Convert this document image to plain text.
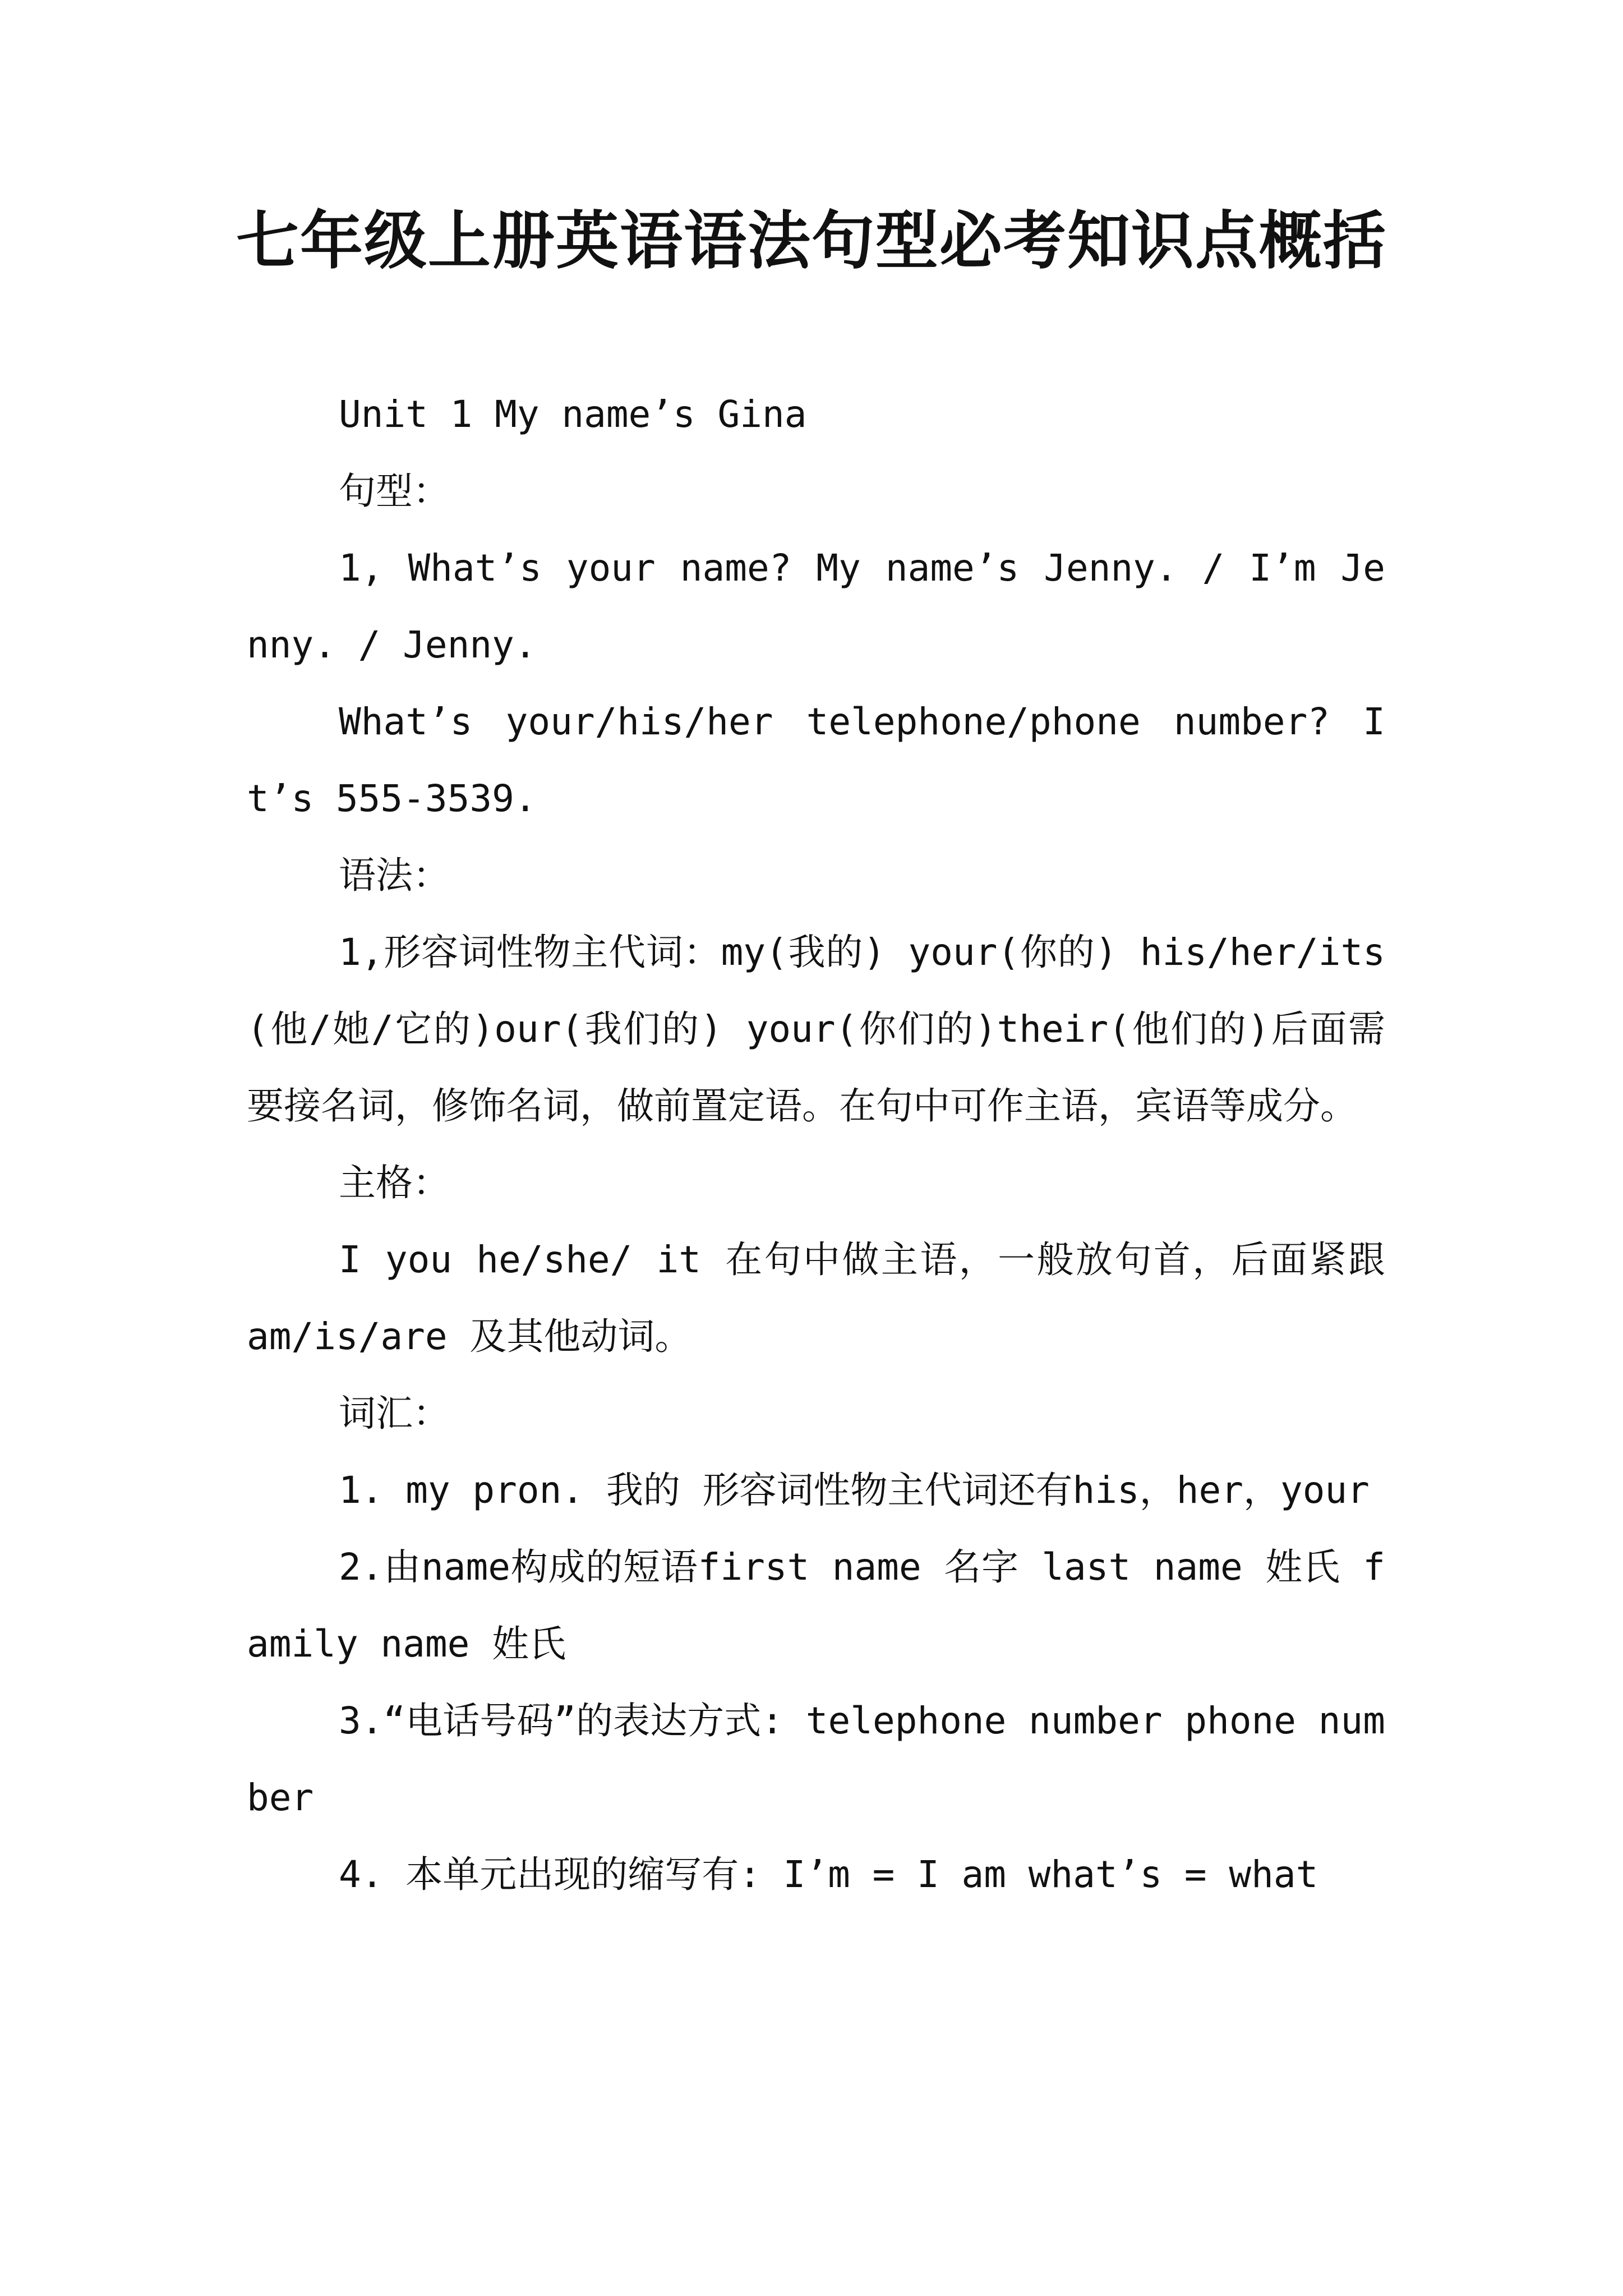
七年级上册英语语法句型必考知识点概括

Unit 1 My name’s Gina

句型：

1, What’s your name? My name’s Jenny. / I’m Jenny. / Jenny.

What’s your/his/her telephone/phone number? It’s 555-3539.

语法：

1,形容词性物主代词：my(我的) your(你的) his/her/its(他/她/它的)our(我们的) your(你们的)their(他们的)后面需要接名词，修饰名词，做前置定语。在句中可作主语，宾语等成分。

主格：

I you he/she/ it 在句中做主语，一般放句首，后面紧跟 am/is/are 及其他动词。

词汇：

1. my pron. 我的 形容词性物主代词还有his，her，your

2.由name构成的短语first name 名字 last name 姓氏 family name 姓氏

3.“电话号码”的表达方式: telephone number phone number

4. 本单元出现的缩写有: I’m = I am what’s = what
